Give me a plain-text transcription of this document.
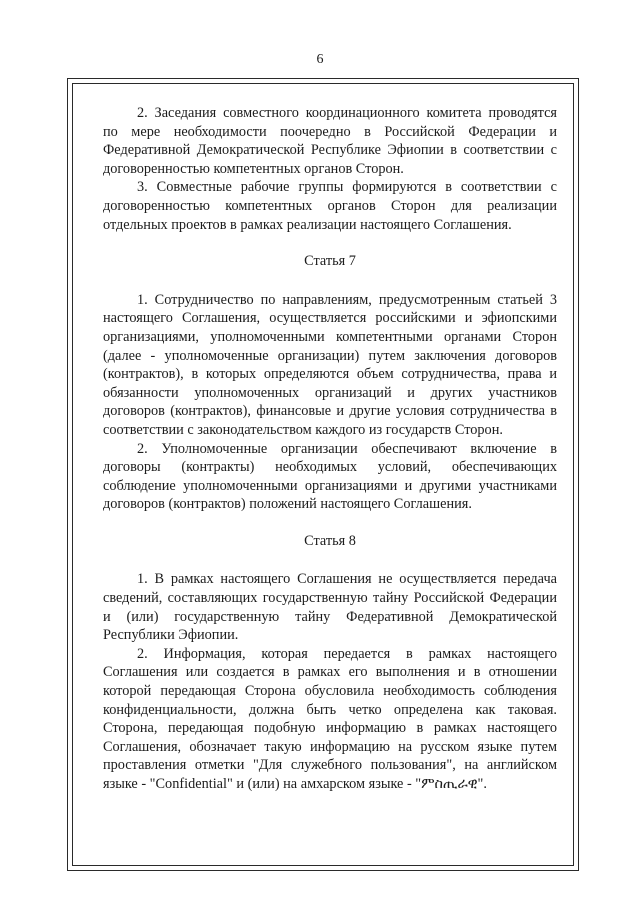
6

2. Заседания совместного координационного комитета проводятся по мере необходимости поочередно в Российской Федерации и Федеративной Демократической Республике Эфиопии в соответствии с договоренностью компетентных органов Сторон.

3. Совместные рабочие группы формируются в соответствии с договоренностью компетентных органов Сторон для реализации отдельных проектов в рамках реализации настоящего Соглашения.

Статья 7

1. Сотрудничество по направлениям, предусмотренным статьей 3 настоящего Соглашения, осуществляется российскими и эфиопскими организациями, уполномоченными компетентными органами Сторон (далее - уполномоченные организации) путем заключения договоров (контрактов), в которых определяются объем сотрудничества, права и обязанности уполномоченных организаций и других участников договоров (контрактов), финансовые и другие условия сотрудничества в соответствии с законодательством каждого из государств Сторон.

2. Уполномоченные организации обеспечивают включение в договоры (контракты) необходимых условий, обеспечивающих соблюдение уполномоченными организациями и другими участниками договоров (контрактов) положений настоящего Соглашения.

Статья 8

1. В рамках настоящего Соглашения не осуществляется передача сведений, составляющих государственную тайну Российской Федерации и (или) государственную тайну Федеративной Демократической Республики Эфиопии.

2. Информация, которая передается в рамках настоящего Соглашения или создается в рамках его выполнения и в отношении которой передающая Сторона обусловила необходимость соблюдения конфиденциальности, должна быть четко определена как таковая. Сторона, передающая подобную информацию в рамках настоящего Соглашения, обозначает такую информацию на русском языке путем проставления отметки "Для служебного пользования", на английском языке - "Confidential" и (или) на амхарском языке - "ምስጢራዊ".
